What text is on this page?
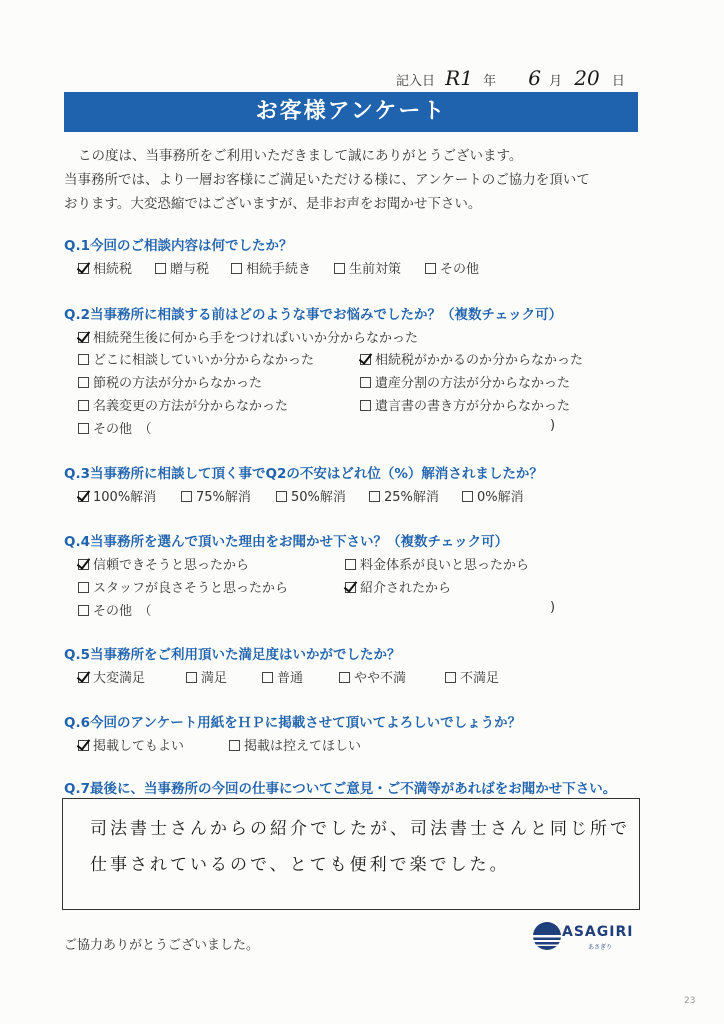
記入日 R1 年 6 月 20 日
お客様アンケート
この度は、当事務所をご利用いただきまして誠にありがとうございます。
当事務所では、より一層お客様にご満足いただける様に、アンケートのご協力を頂いて
おります。大変恐縮ではございますが、是非お声をお聞かせ下さい。
Q.1今回のご相談内容は何でしたか？
相続税	贈与税	相続手続き	生前対策	その他
Q.2当事務所に相談する前はどのような事でお悩みでしたか？（複数チェック可）
相続発生後に何から手をつければいいか分からなかった
どこに相談していいか分からなかった	相続税がかかるのか分からなかった
節税の方法が分からなかった	遺産分割の方法が分からなかった
名義変更の方法が分からなかった	遺言書の書き方が分からなかった
その他　（	)
Q.3当事務所に相談して頂く事でQ2の不安はどれ位（%）解消されましたか？
100%解消	75%解消	50%解消	25%解消	0%解消
Q.4当事務所を選んで頂いた理由をお聞かせ下さい？（複数チェック可）
信頼できそうと思ったから	料金体系が良いと思ったから
スタッフが良さそうと思ったから	紹介されたから
その他　（	)
Q.5当事務所をご利用頂いた満足度はいかがでしたか？
大変満足	満足	普通	やや不満	不満足
Q.6今回のアンケート用紙をＨＰに掲載させて頂いてよろしいでしょうか？
掲載してもよい	掲載は控えてほしい
Q.7最後に、当事務所の今回の仕事についてご意見・ご不満等があればをお聞かせ下さい。
司法書士さんからの紹介でしたが、司法書士さんと同じ所で
仕事されているので、とても便利で楽でした。
ご協力ありがとうございました。
ASAGIRI
あさぎり
23
